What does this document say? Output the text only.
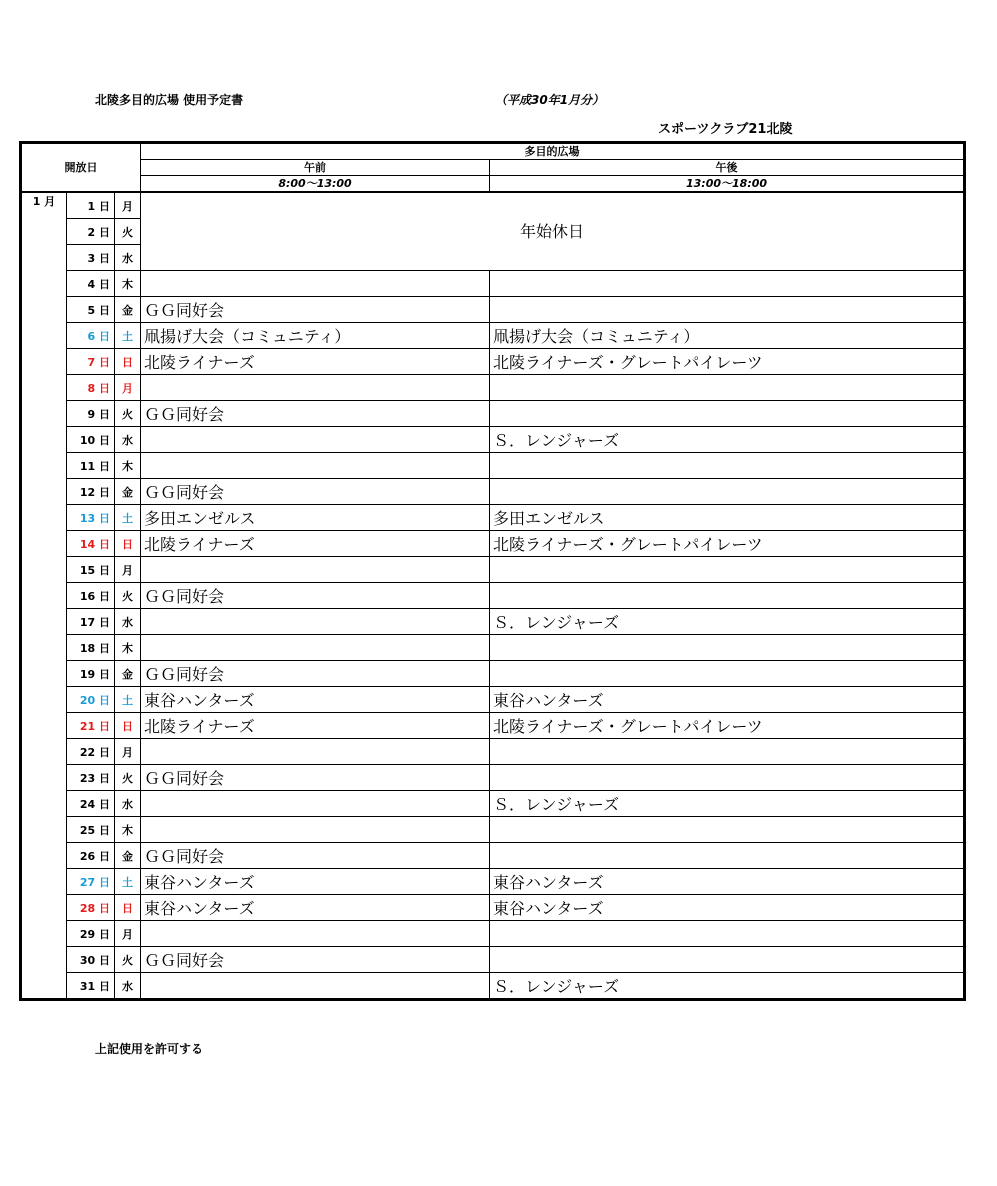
北陵多目的広場 使用予定書	（平成30年1月分）
スポーツクラブ21北陵
開放日			多目的広場	
			午前	午後
			8:00～13:00	13:00～18:00
1 月	1 日	月	年始休日	
	2 日	火		
	3 日	水		
	4 日	木		
	5 日	金	ＧＧ同好会	
	6 日	土	凧揚げ大会（コミュニティ）	凧揚げ大会（コミュニティ）
	7 日	日	北陵ライナーズ	北陵ライナーズ・グレートパイレーツ
	8 日	月		
	9 日	火	ＧＧ同好会	
	10 日	水		Ｓ．レンジャーズ
	11 日	木		
	12 日	金	ＧＧ同好会	
	13 日	土	多田エンゼルス	多田エンゼルス
	14 日	日	北陵ライナーズ	北陵ライナーズ・グレートパイレーツ
	15 日	月		
	16 日	火	ＧＧ同好会	
	17 日	水		Ｓ．レンジャーズ
	18 日	木		
	19 日	金	ＧＧ同好会	
	20 日	土	東谷ハンターズ	東谷ハンターズ
	21 日	日	北陵ライナーズ	北陵ライナーズ・グレートパイレーツ
	22 日	月		
	23 日	火	ＧＧ同好会	
	24 日	水		Ｓ．レンジャーズ
	25 日	木		
	26 日	金	ＧＧ同好会	
	27 日	土	東谷ハンターズ	東谷ハンターズ
	28 日	日	東谷ハンターズ	東谷ハンターズ
	29 日	月		
	30 日	火	ＧＧ同好会	
	31 日	水		Ｓ．レンジャーズ
上記使用を許可する
